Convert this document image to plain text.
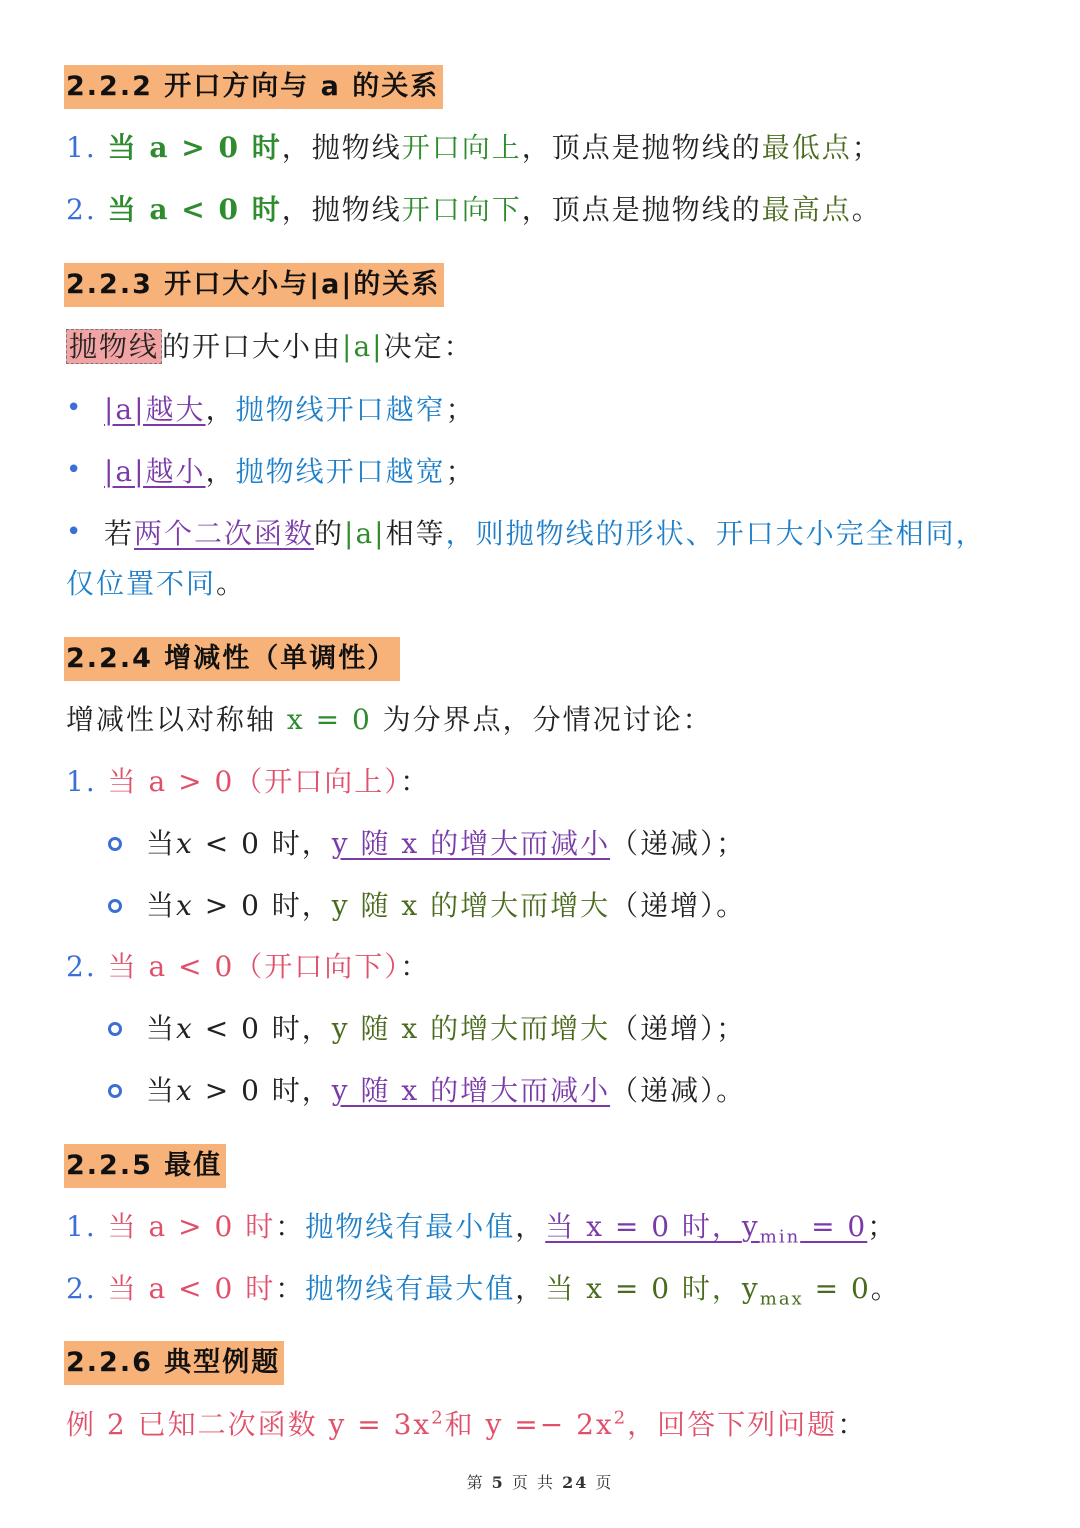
2.2.2 开口方向与 a 的关系
1. 当 a > 0 时，抛物线开口向上，顶点是抛物线的最低点；
2. 当 a < 0 时，抛物线开口向下，顶点是抛物线的最高点。
2.2.3 开口大小与|a|的关系
抛物线 的开口大小由|a|决定：
• |a|越大，抛物线开口越窄；
• |a|越小，抛物线开口越宽；
• 若两个二次函数的|a|相等，则抛物线的形状、开口大小完全相同，
仅位置不同。
2.2.4 增减性（单调性）
增减性以对称轴 x = 0 为分界点，分情况讨论：
1. 当 a > 0（开口向上）：
当x < 0 时，y 随 x 的增大而减小（递减）；
当x > 0 时，y 随 x 的增大而增大（递增）。
2. 当 a < 0（开口向下）：
当x < 0 时，y 随 x 的增大而增大（递增）；
当x > 0 时，y 随 x 的增大而减小（递减）。
2.2.5 最值
1. 当 a > 0 时：抛物线有最小值，当 x = 0 时，$y_{min} = 0$；
2. 当 a < 0 时：抛物线有最大值，当 x = 0 时，$y_{max} = 0$。
2.2.6 典型例题
例 2 已知二次函数 $y = 3x^2$和 $y =- 2x^2$，回答下列问题：
第 5 页 共 24 页
